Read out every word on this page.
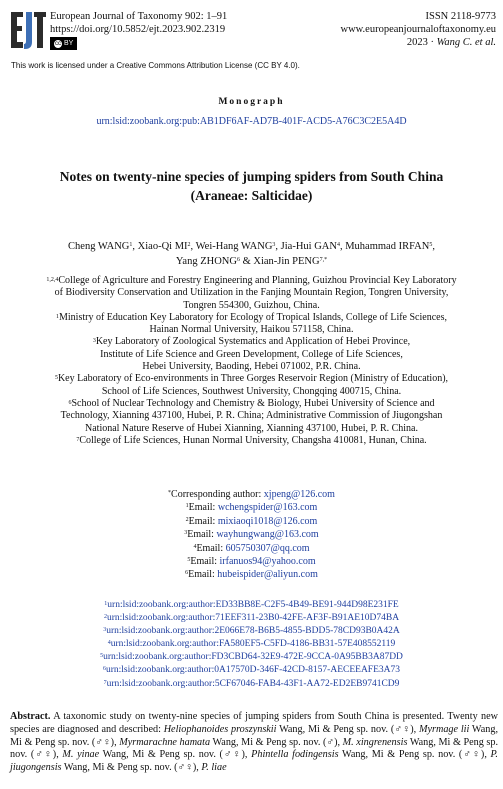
European Journal of Taxonomy 902: 1–91
https://doi.org/10.5852/ejt.2023.902.2319
cc BY
ISSN 2118-9773
www.europeanjournaloftaxonomy.eu
2023 · Wang C. et al.
This work is licensed under a Creative Commons Attribution License (CC BY 4.0).
Monograph
urn:lsid:zoobank.org:pub:AB1DF6AF-AD7B-401F-ACD5-A76C3C2E5A4D
Notes on twenty-nine species of jumping spiders from South China
(Araneae: Salticidae)
Cheng WANG$^1$, Xiao-Qi $MI^2$, Wei-Hang WANG$^3$, Jia-Hui GAN$^4$, Muhammad IRFAN$^5$,
Yang ZHONG$^6$ & Xian-Jin $PENG^{7,*}$

$^{1,2,4}$College of Agriculture and Forestry Engineering and Planning, Guizhou Provincial Key Laboratory

of Biodiversity Conservation and Utilization in the Fanjing Mountain Region, Tongren University,

Tongren 554300, Guizhou, China.

$^1$Ministry of Education Key Laboratory for Ecology of Tropical Islands, College of Life Sciences,

Hainan Normal University, Haikou 571158, China.

$^3$Key Laboratory of Zoological Systematics and Application of Hebei Province,

Institute of Life Science and Green Development, College of Life Sciences,

Hebei University, Baoding, Hebei 071002, P.R. China.

$^5$Key Laboratory of Eco-environments in Three Gorges Reservoir Region (Ministry of Education),

School of Life Sciences, Southwest University, Chongqing 400715, China.

$^6$School of Nuclear Technology and Chemistry & Biology, Hubei University of Science and

Technology, Xianning 437100, Hubei, P. R. China; Administrative Commission of Jiugongshan

National Nature Reserve of Hubei Xianning, Xianning 437100, Hubei, P. R. China.

$^7$College of Life Sciences, Hunan Normal University, Changsha 410081, Hunan, China.

*Corresponding author: xjpeng@126.com

$^1$Email: wchengspider@163.com

$^2$Email: mixiaoqi1018@126.com

$^3$Email: wayhungwang@163.com

$^4$Email: 605750307@qq.com

$^5$Email: irfanuos94@yahoo.com

$^6$Email: hubeispider@aliyun.com

$^1$urn:lsid:zoobank.org:author:ED33BB8E-C2F5-4B49-BE91-944D98E231FE

$^2$urn:lsid:zoobank.org:author:71EEF311-23B0-42FE-AF3F-B91AE10D74BA

$^3$urn:lsid:zoobank.org:author:2E066E78-B6B5-4855-BDD5-78CD93B0A42A

$^4$urn:lsid:zoobank.org:author:FA580EF5-C5FD-4186-BB31-57E408552119

$^5$urn:lsid:zoobank.org:author:FD3CBD64-32E9-472E-9CCA-0A95BB3A87DD

$^6$urn:lsid:zoobank.org:author:0A17570D-346F-42CD-8157-AECEEAFE3A73

$^7$urn:lsid:zoobank.org:author:5CF67046-FAB4-43F1-AA72-ED2EB9741CD9

Abstract. A taxonomic study on twenty-nine species of jumping spiders from South China is presented. Twenty new species are diagnosed and described: Heliophanoides proszynskii Wang, Mi & Peng sp. nov. (♂♀), Myrmage lii Wang, Mi & Peng sp. nov. (♂♀), Myrmarachne hamata Wang, Mi & Peng sp. nov. (♂), M. xingrenensis Wang, Mi & Peng sp. nov. (♂♀), M. yinae Wang, Mi & Peng sp. nov. (♂♀), Phintella fodingensis Wang, Mi & Peng sp. nov. (♂♀), P. jiugongensis Wang, Mi & Peng sp. nov. (♂♀), P. liae
